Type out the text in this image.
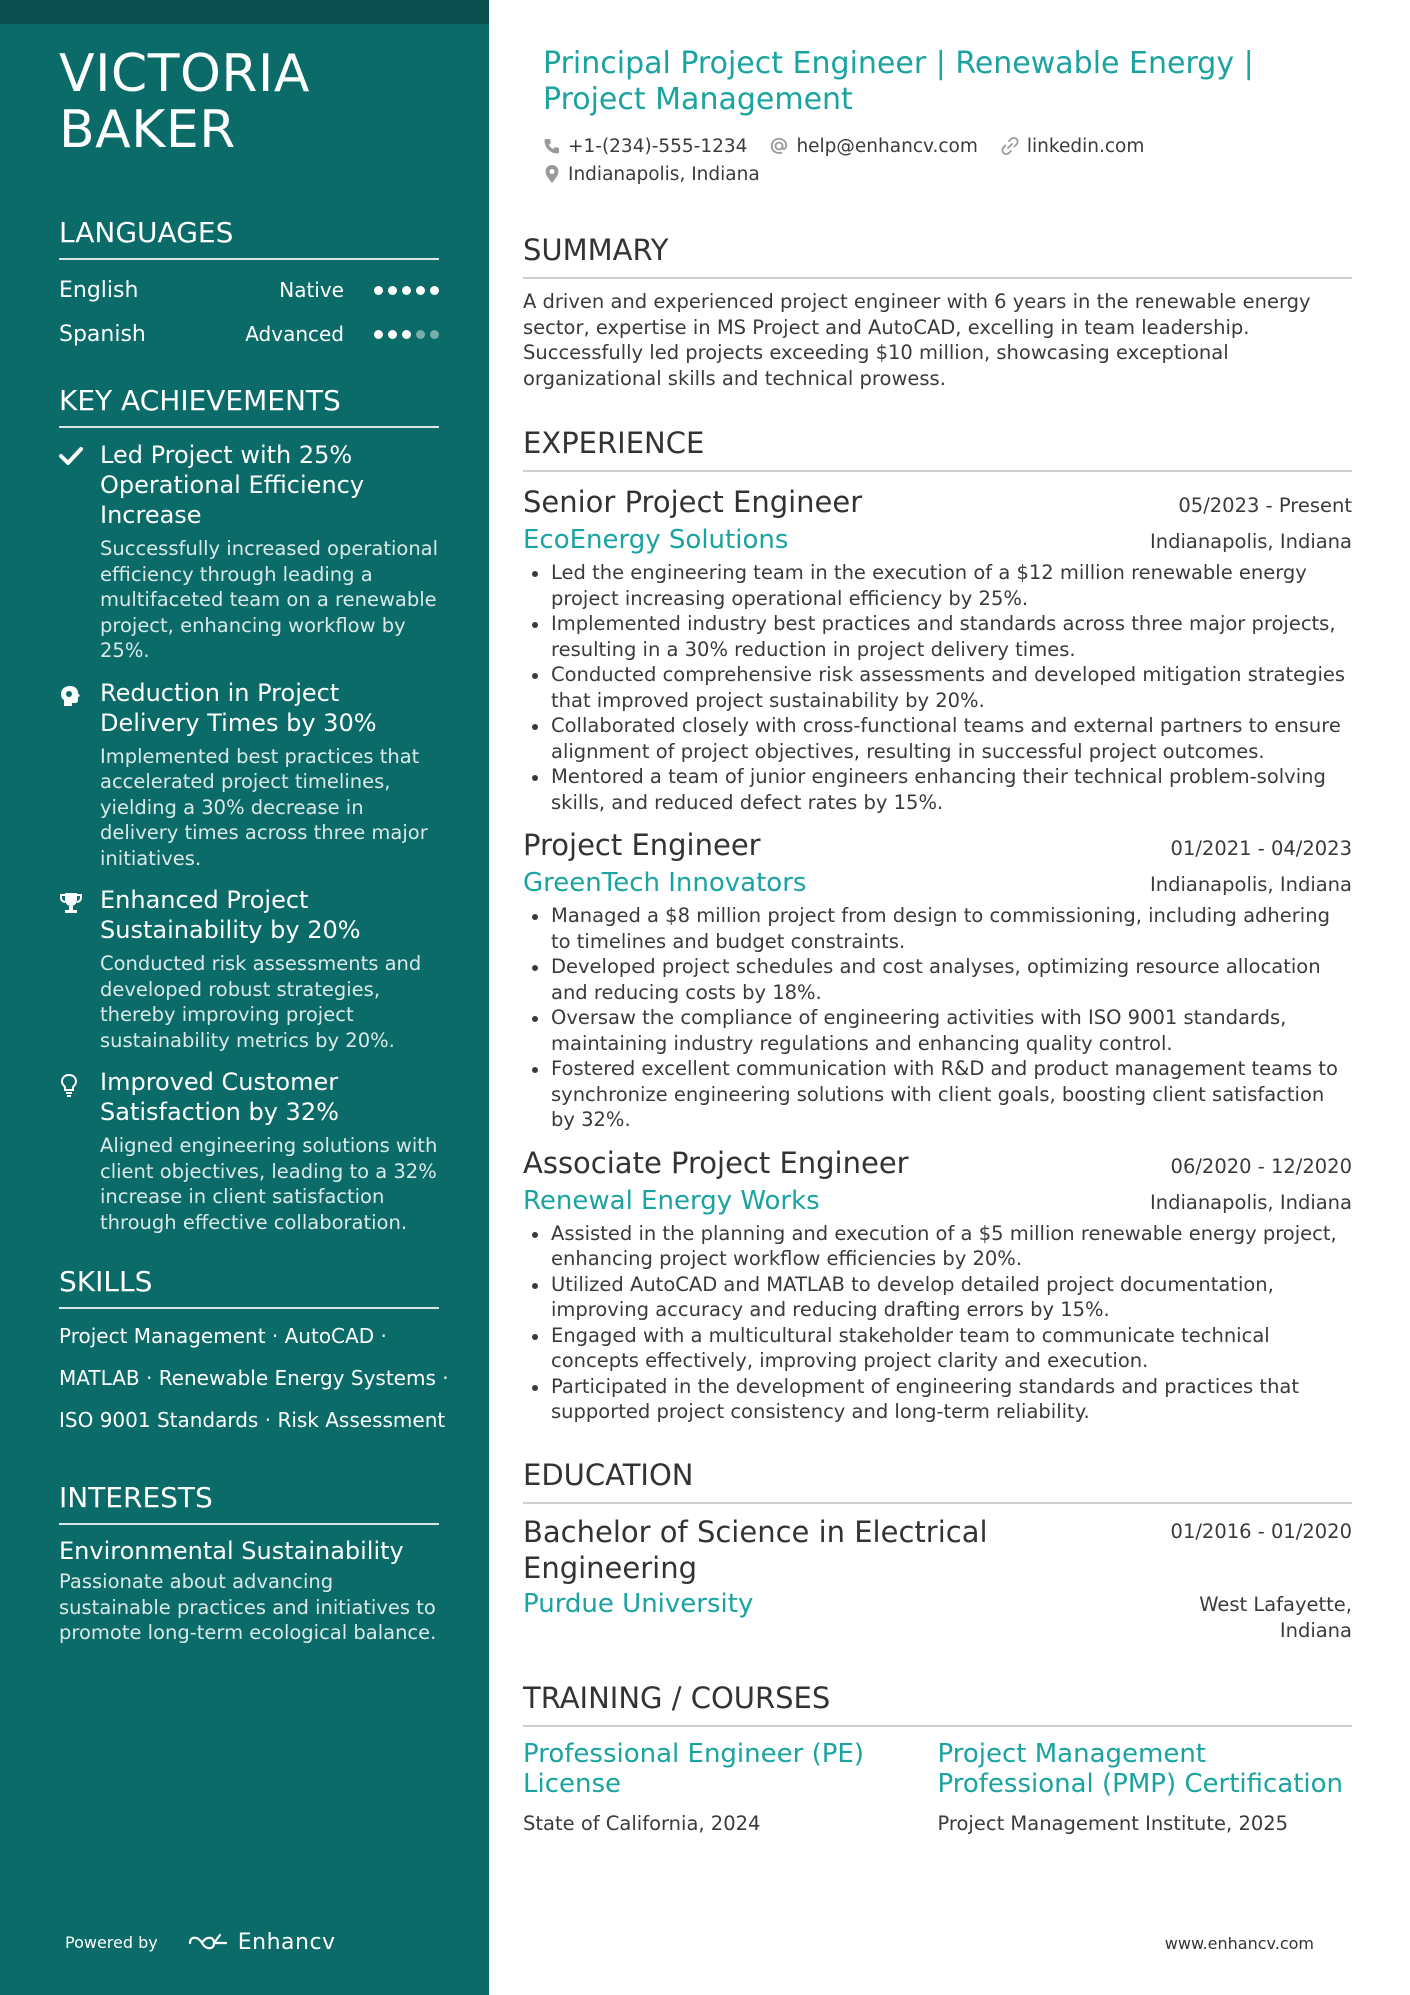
VICTORIA
BAKER
LANGUAGES
English	Native
Spanish	Advanced
KEY ACHIEVEMENTS
Led Project with 25% Operational Efficiency Increase
Successfully increased operational efficiency through leading a multifaceted team on a renewable project, enhancing workflow by 25%.
Reduction in Project Delivery Times by 30%
Implemented best practices that accelerated project timelines, yielding a 30% decrease in delivery times across three major initiatives.
Enhanced Project Sustainability by 20%
Conducted risk assessments and developed robust strategies, thereby improving project sustainability metrics by 20%.
Improved Customer Satisfaction by 32%
Aligned engineering solutions with client objectives, leading to a 32% increase in client satisfaction through effective collaboration.
SKILLS
Project Management · AutoCAD ·
MATLAB · Renewable Energy Systems ·
ISO 9001 Standards · Risk Assessment
INTERESTS
Environmental Sustainability
Passionate about advancing sustainable practices and initiatives to promote long-term ecological balance.
Powered by	Enhancv
Principal Project Engineer | Renewable Energy | Project Management
+1-(234)-555-1234	help@enhancv.com	linkedin.com
Indianapolis, Indiana
SUMMARY

A driven and experienced project engineer with 6 years in the renewable energy sector, expertise in MS Project and AutoCAD, excelling in team leadership. Successfully led projects exceeding $10 million, showcasing exceptional organizational skills and technical prowess.

EXPERIENCE
Senior Project Engineer	05/2023 - Present
EcoEnergy Solutions	Indianapolis, Indiana
Led the engineering team in the execution of a $12 million renewable energy project increasing operational efficiency by 25%.
Implemented industry best practices and standards across three major projects, resulting in a 30% reduction in project delivery times.
Conducted comprehensive risk assessments and developed mitigation strategies that improved project sustainability by 20%.
Collaborated closely with cross-functional teams and external partners to ensure alignment of project objectives, resulting in successful project outcomes.
Mentored a team of junior engineers enhancing their technical problem-solving skills, and reduced defect rates by 15%.
Project Engineer	01/2021 - 04/2023
GreenTech Innovators	Indianapolis, Indiana
Managed a $8 million project from design to commissioning, including adhering to timelines and budget constraints.
Developed project schedules and cost analyses, optimizing resource allocation and reducing costs by 18%.
Oversaw the compliance of engineering activities with ISO 9001 standards, maintaining industry regulations and enhancing quality control.
Fostered excellent communication with R&D and product management teams to synchronize engineering solutions with client goals, boosting client satisfaction by 32%.
Associate Project Engineer	06/2020 - 12/2020
Renewal Energy Works	Indianapolis, Indiana
Assisted in the planning and execution of a $5 million renewable energy project, enhancing project workflow efficiencies by 20%.
Utilized AutoCAD and MATLAB to develop detailed project documentation, improving accuracy and reducing drafting errors by 15%.
Engaged with a multicultural stakeholder team to communicate technical concepts effectively, improving project clarity and execution.
Participated in the development of engineering standards and practices that supported project consistency and long-term reliability.
EDUCATION
Bachelor of Science in Electrical Engineering
01/2016 - 01/2020
Purdue University	West Lafayette, Indiana
TRAINING / COURSES
Professional Engineer (PE) License
State of California, 2024
Project Management Professional (PMP) Certification
Project Management Institute, 2025
www.enhancv.com
